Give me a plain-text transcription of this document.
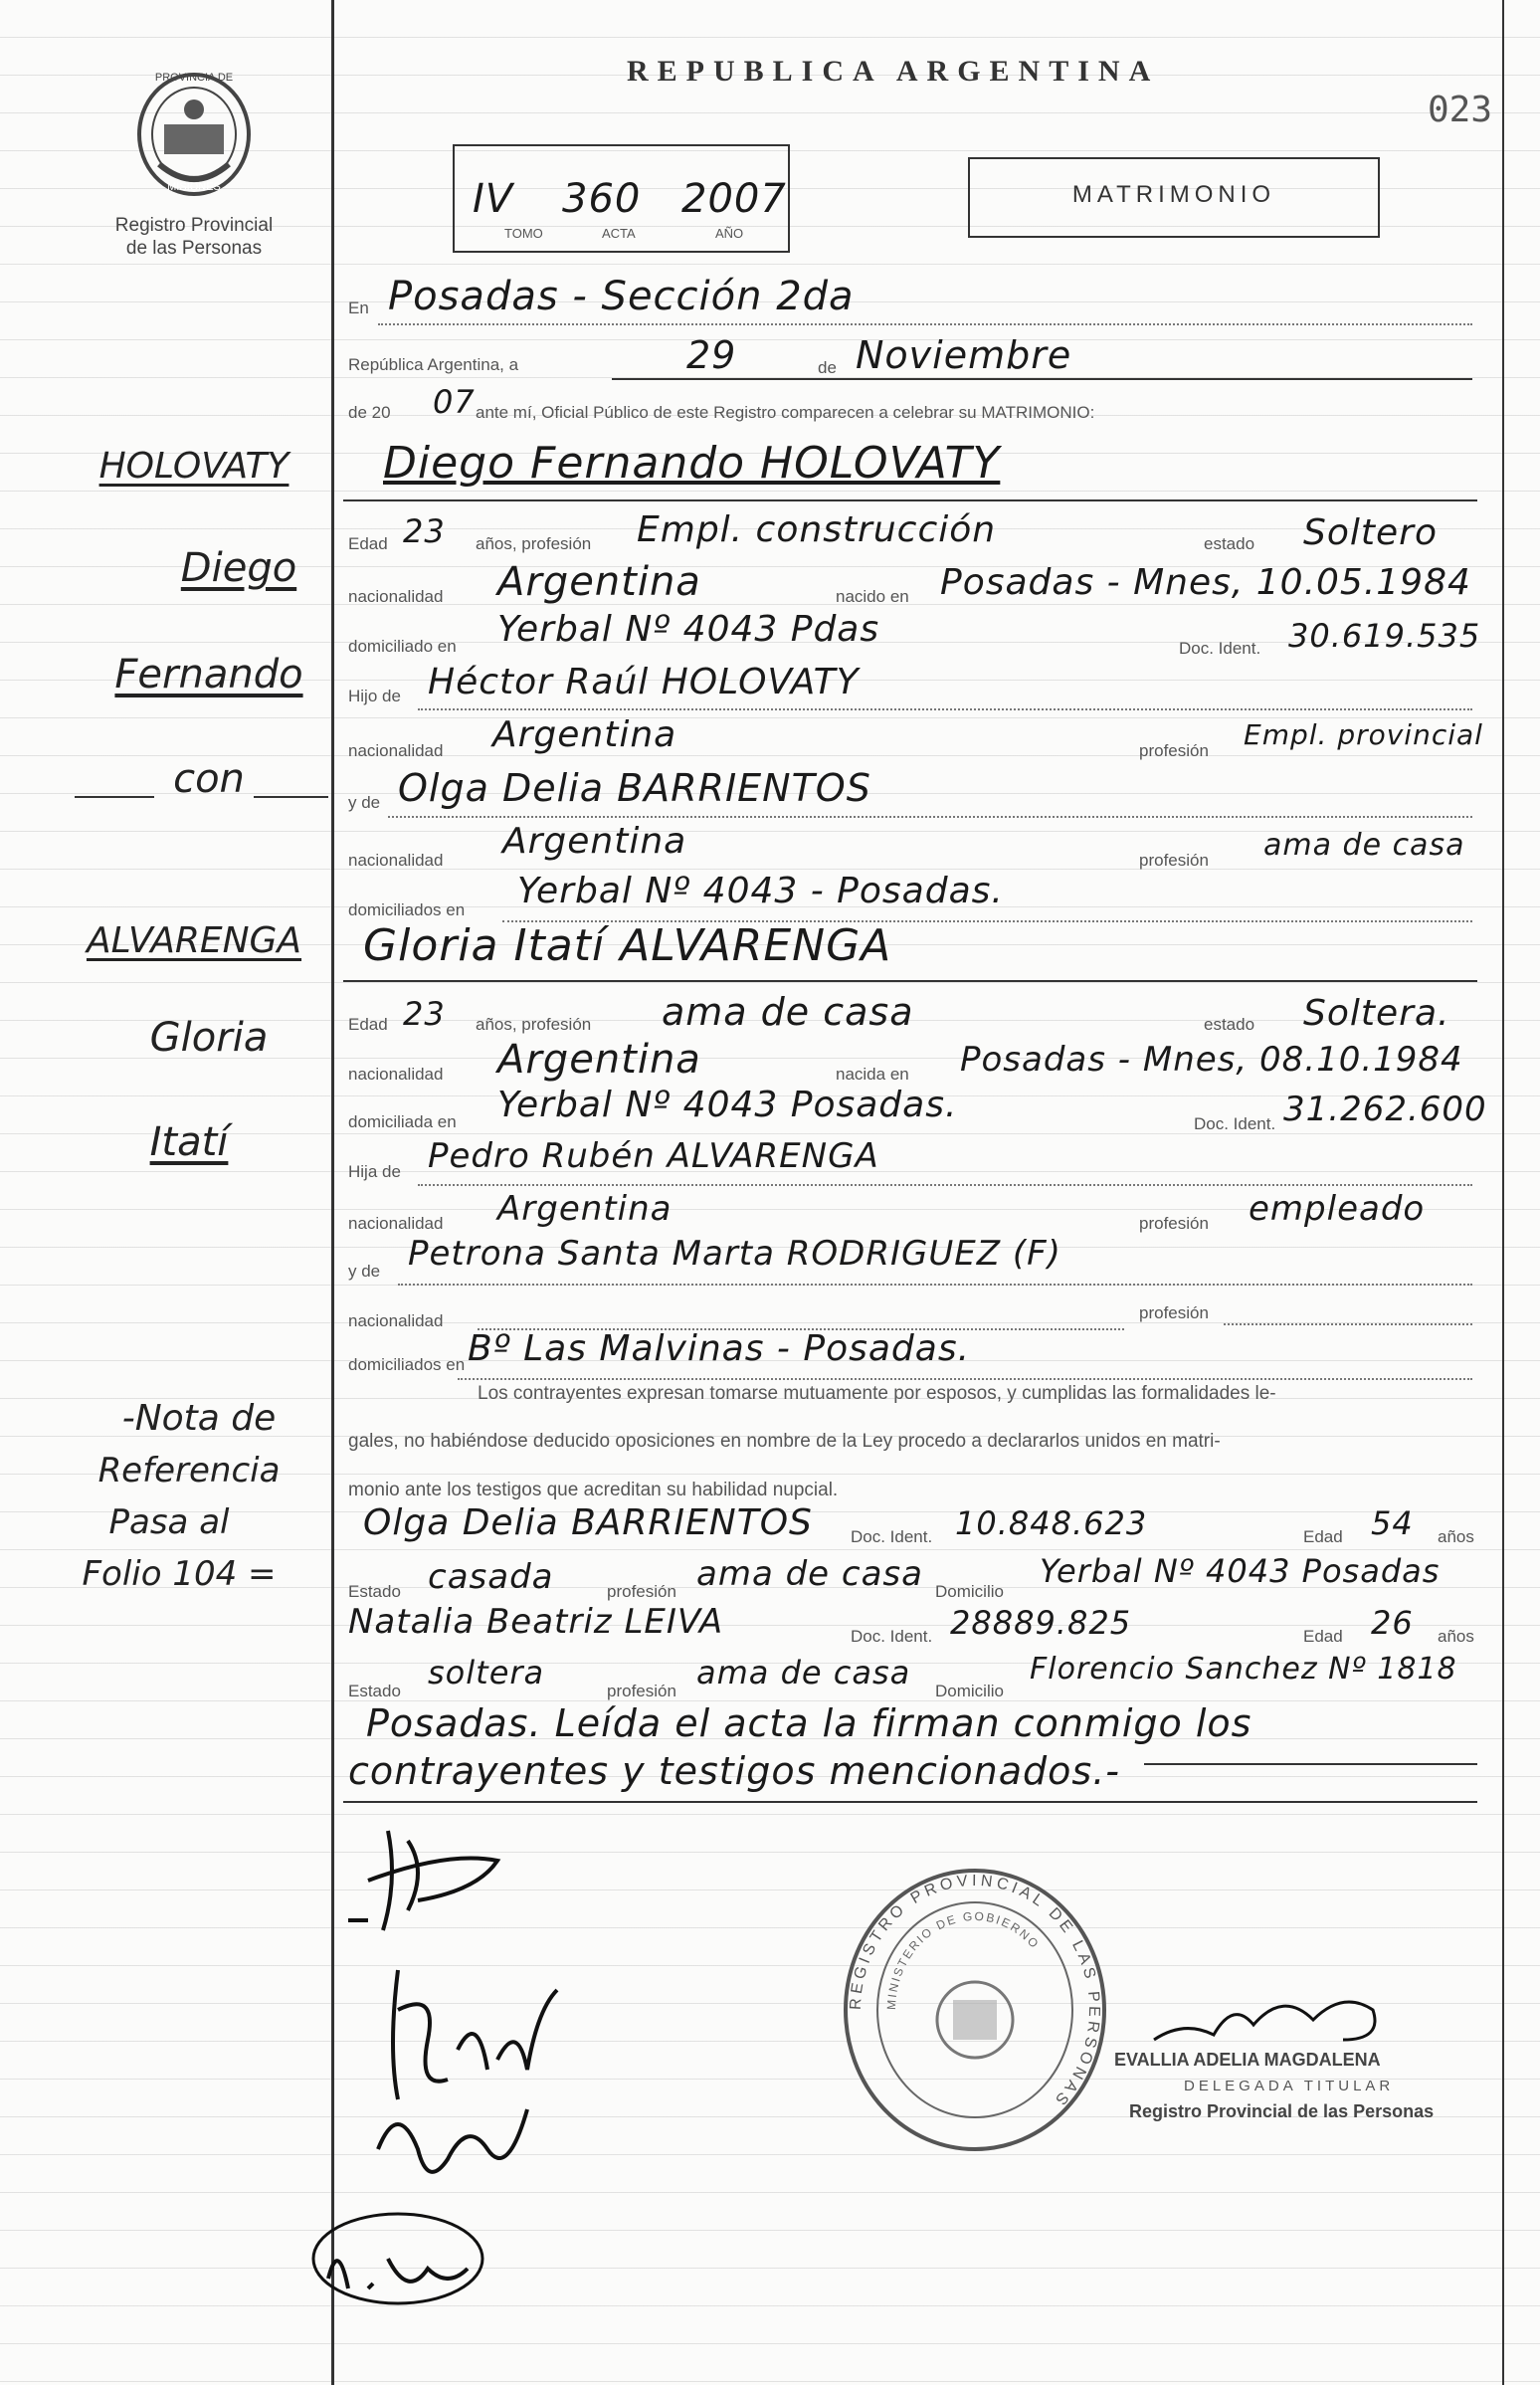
PROVINCIA DE
MISIONES
Registro Provincial
de las Personas
REPUBLICA ARGENTINA
023
IV 360 2007
TOMO	ACTA	AÑO
MATRIMONIO
HOLOVATY
Diego
Fernando
con
ALVARENGA
Gloria
Itatí
-Nota de
Referencia
Pasa al
Folio 104 =
En Posadas - Sección 2da
República Argentina, a	29	de Noviembre
de 20 07 ante mí, Oficial Público de este Registro comparecen a celebrar su MATRIMONIO:
Diego Fernando HOLOVATY
Edad 23 años, profesión Empl. construcción	estado Soltero
nacionalidad Argentina	nacido en Posadas - Mnes, 10.05.1984
domiciliado en Yerbal Nº 4043 Pdas	Doc. Ident. 30.619.535
Hijo de Héctor Raúl HOLOVATY
nacionalidad Argentina	profesión Empl. provincial
y de Olga Delia BARRIENTOS
nacionalidad Argentina	profesión ama de casa
domiciliados en Yerbal Nº 4043 - Posadas.
Gloria Itatí ALVARENGA
Edad 23 años, profesión ama de casa	estado Soltera.
nacionalidad Argentina	nacida en Posadas - Mnes, 08.10.1984
domiciliada en Yerbal Nº 4043 Posadas.	Doc. Ident. 31.262.600
Hija de Pedro Rubén ALVARENGA
nacionalidad Argentina	profesión empleado
y de Petrona Santa Marta RODRIGUEZ (F)
nacionalidad	profesión
domiciliados en Bº Las Malvinas - Posadas.
Los contrayentes expresan tomarse mutuamente por esposos, y cumplidas las formalidades le-
gales, no habiéndose deducido oposiciones en nombre de la Ley procedo a declararlos unidos en matri-
monio ante los testigos que acreditan su habilidad nupcial.
Olga Delia BARRIENTOS Doc. Ident. 10.848.623	Edad 54 años
Estado casada	profesión ama de casa Domicilio
Yerbal Nº 4043 Posadas
Natalia Beatriz LEIVA	Doc. Ident. 28889.825	Edad 26 años
Estado soltera	profesión ama de casa Domicilio
Florencio Sanchez Nº 1818
Posadas. Leída el acta la firman conmigo los
contrayentes y testigos mencionados.-
REGISTRO PROVINCIAL DE LAS PERSONAS
MINISTERIO DE GOBIERNO
EVALLIA ADELIA MAGDALENA
DELEGADA TITULAR
Registro Provincial de las Personas
